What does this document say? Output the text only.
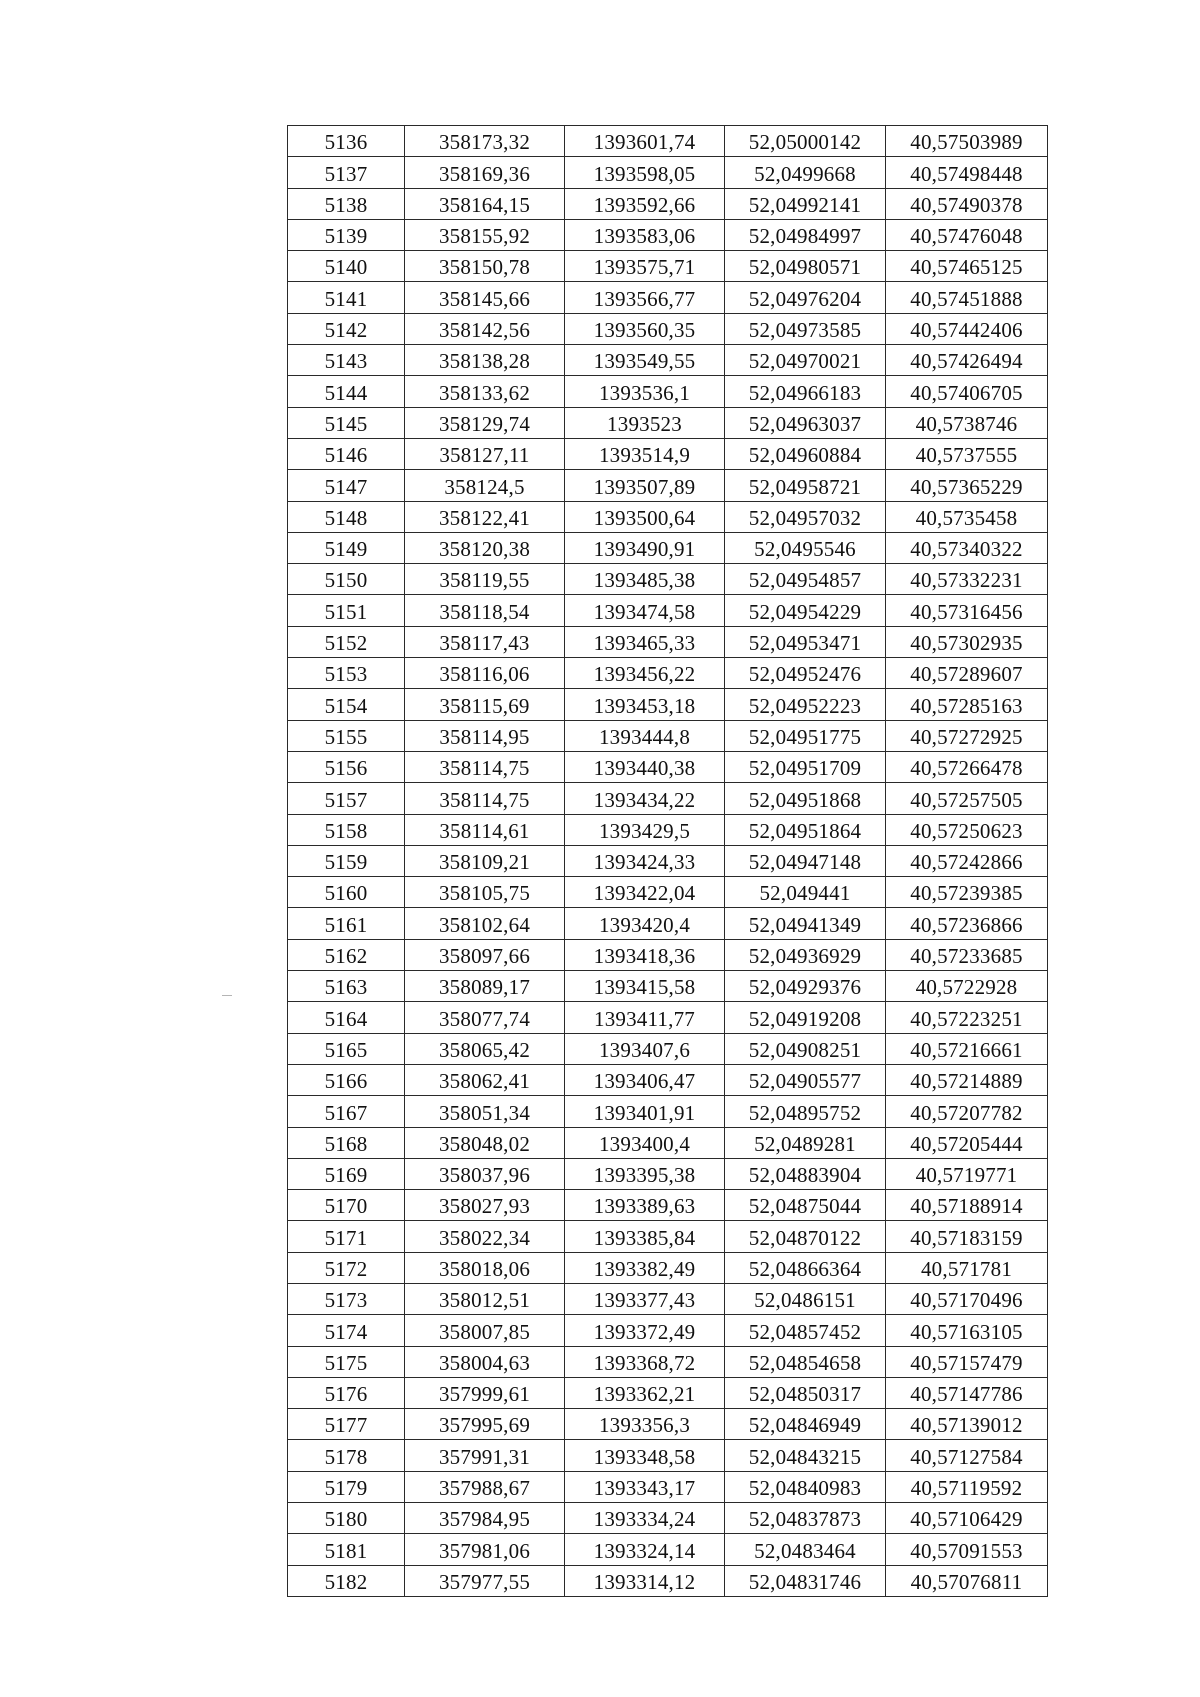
5136	358173,32	1393601,74	52,05000142	40,57503989
5137	358169,36	1393598,05	52,0499668	40,57498448
5138	358164,15	1393592,66	52,04992141	40,57490378
5139	358155,92	1393583,06	52,04984997	40,57476048
5140	358150,78	1393575,71	52,04980571	40,57465125
5141	358145,66	1393566,77	52,04976204	40,57451888
5142	358142,56	1393560,35	52,04973585	40,57442406
5143	358138,28	1393549,55	52,04970021	40,57426494
5144	358133,62	1393536,1	52,04966183	40,57406705
5145	358129,74	1393523	52,04963037	40,5738746
5146	358127,11	1393514,9	52,04960884	40,5737555
5147	358124,5	1393507,89	52,04958721	40,57365229
5148	358122,41	1393500,64	52,04957032	40,5735458
5149	358120,38	1393490,91	52,0495546	40,57340322
5150	358119,55	1393485,38	52,04954857	40,57332231
5151	358118,54	1393474,58	52,04954229	40,57316456
5152	358117,43	1393465,33	52,04953471	40,57302935
5153	358116,06	1393456,22	52,04952476	40,57289607
5154	358115,69	1393453,18	52,04952223	40,57285163
5155	358114,95	1393444,8	52,04951775	40,57272925
5156	358114,75	1393440,38	52,04951709	40,57266478
5157	358114,75	1393434,22	52,04951868	40,57257505
5158	358114,61	1393429,5	52,04951864	40,57250623
5159	358109,21	1393424,33	52,04947148	40,57242866
5160	358105,75	1393422,04	52,049441	40,57239385
5161	358102,64	1393420,4	52,04941349	40,57236866
5162	358097,66	1393418,36	52,04936929	40,57233685
5163	358089,17	1393415,58	52,04929376	40,5722928
5164	358077,74	1393411,77	52,04919208	40,57223251
5165	358065,42	1393407,6	52,04908251	40,57216661
5166	358062,41	1393406,47	52,04905577	40,57214889
5167	358051,34	1393401,91	52,04895752	40,57207782
5168	358048,02	1393400,4	52,0489281	40,57205444
5169	358037,96	1393395,38	52,04883904	40,5719771
5170	358027,93	1393389,63	52,04875044	40,57188914
5171	358022,34	1393385,84	52,04870122	40,57183159
5172	358018,06	1393382,49	52,04866364	40,571781
5173	358012,51	1393377,43	52,0486151	40,57170496
5174	358007,85	1393372,49	52,04857452	40,57163105
5175	358004,63	1393368,72	52,04854658	40,57157479
5176	357999,61	1393362,21	52,04850317	40,57147786
5177	357995,69	1393356,3	52,04846949	40,57139012
5178	357991,31	1393348,58	52,04843215	40,57127584
5179	357988,67	1393343,17	52,04840983	40,57119592
5180	357984,95	1393334,24	52,04837873	40,57106429
5181	357981,06	1393324,14	52,0483464	40,57091553
5182	357977,55	1393314,12	52,04831746	40,57076811
